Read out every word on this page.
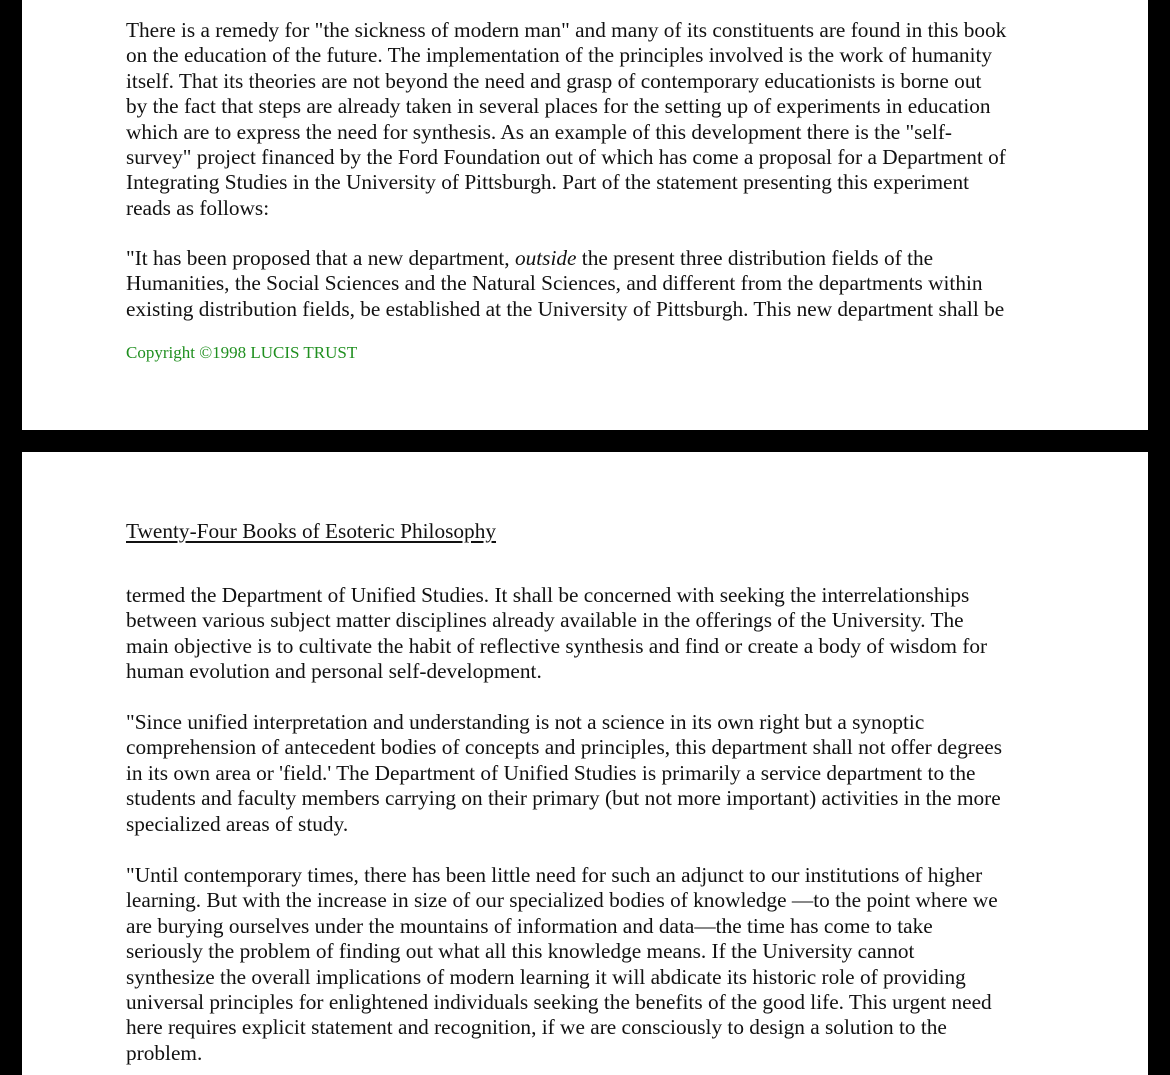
There is a remedy for "the sickness of modern man" and many of its constituents are found in this book
on the education of the future. The implementation of the principles involved is the work of humanity
itself. That its theories are not beyond the need and grasp of contemporary educationists is borne out
by the fact that steps are already taken in several places for the setting up of experiments in education
which are to express the need for synthesis. As an example of this development there is the "self-
survey" project financed by the Ford Foundation out of which has come a proposal for a Department of
Integrating Studies in the University of Pittsburgh. Part of the statement presenting this experiment
reads as follows:

"It has been proposed that a new department, outside the present three distribution fields of the
Humanities, the Social Sciences and the Natural Sciences, and different from the departments within
existing distribution fields, be established at the University of Pittsburgh. This new department shall be

Copyright ©1998 LUCIS TRUST

Twenty-Four Books of Esoteric Philosophy

termed the Department of Unified Studies. It shall be concerned with seeking the interrelationships
between various subject matter disciplines already available in the offerings of the University. The
main objective is to cultivate the habit of reflective synthesis and find or create a body of wisdom for
human evolution and personal self-development.

"Since unified interpretation and understanding is not a science in its own right but a synoptic
comprehension of antecedent bodies of concepts and principles, this department shall not offer degrees
in its own area or 'field.' The Department of Unified Studies is primarily a service department to the
students and faculty members carrying on their primary (but not more important) activities in the more
specialized areas of study.

"Until contemporary times, there has been little need for such an adjunct to our institutions of higher
learning. But with the increase in size of our specialized bodies of knowledge —to the point where we
are burying ourselves under the mountains of information and data—the time has come to take
seriously the problem of finding out what all this knowledge means. If the University cannot
synthesize the overall implications of modern learning it will abdicate its historic role of providing
universal principles for enlightened individuals seeking the benefits of the good life. This urgent need
here requires explicit statement and recognition, if we are consciously to design a solution to the
problem.
